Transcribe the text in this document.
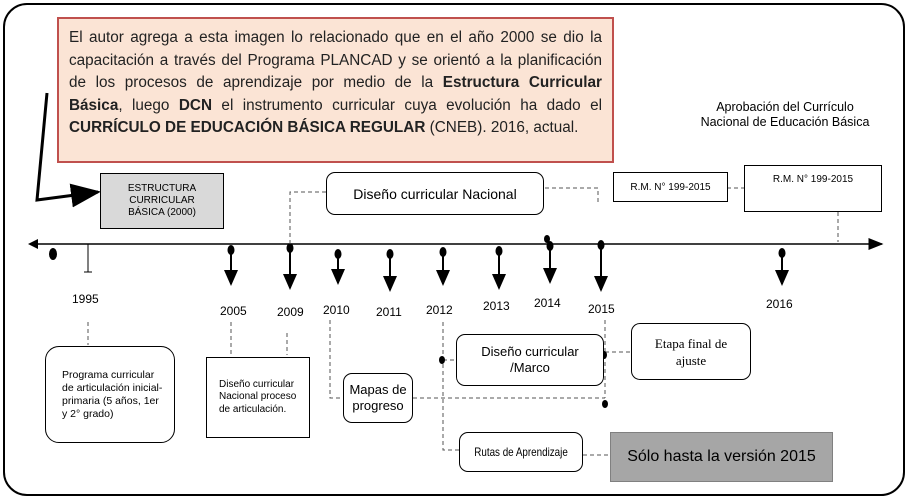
El autor agrega a esta imagen lo relacionado que en el año 2000 se dio la capacitación a través del Programa PLANCAD y se orientó a la planificación de los procesos de aprendizaje por medio de la Estructura Curricular Básica, luego DCN el instrumento curricular cuya evolución ha dado el CURRÍCULO DE EDUCACIÓN BÁSICA REGULAR (CNEB). 2016, actual.
ESTRUCTURA CURRICULAR BÁSICA (2000)
Diseño curricular Nacional	R.M. N° 199-2015
R.M. N° 199-2015
Aprobación del Currículo Nacional de Educación Básica
1995
2005	2009 2010 2011 2012	2013 2014 2015	2016
Programa curricular de articulación inicial-primaria (5 años, 1er y 2° grado)
Diseño curricular Nacional proceso de articulación.
Diseño curricular /Marco
Etapa final de ajuste
Mapas de progreso
Rutas de Aprendizaje	Sólo hasta la versión 2015
